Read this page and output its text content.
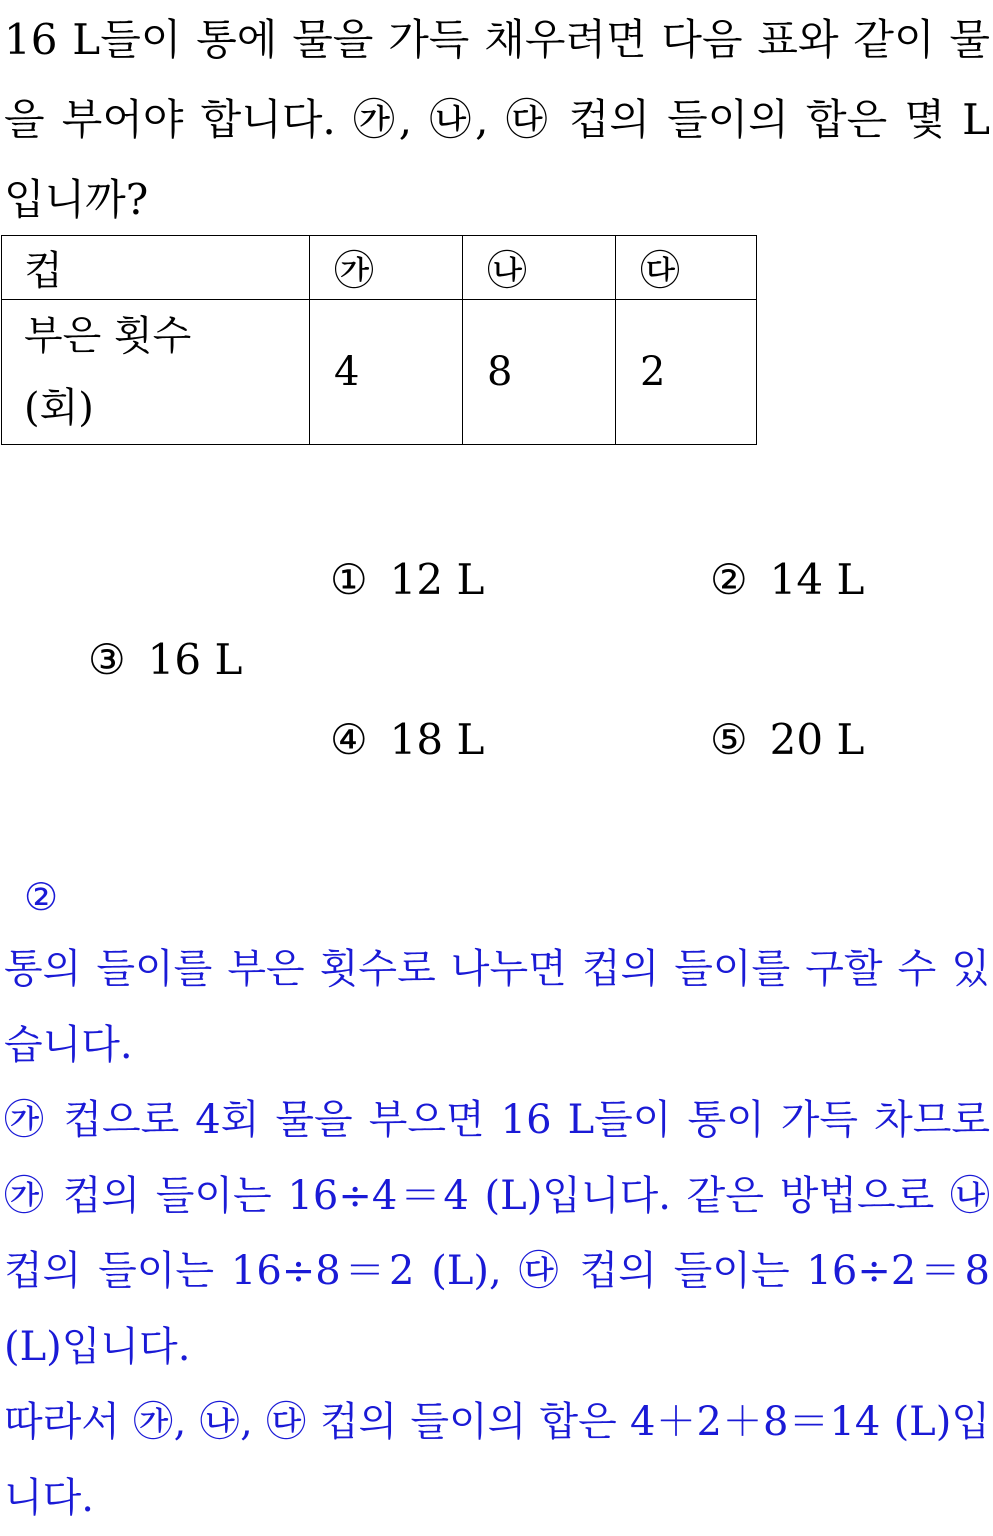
16 L들이 통에 물을 가득 채우려면 다음 표와 같이 물을 부어야 합니다. ㉮, ㉯, ㉰ 컵의 들이의 합은 몇 L 입니까?

컵	㉮	㉯	㉰
부은 횟수
(회)	4	8	2
① 12 L	② 14 L
③ 16 L
④ 18 L	⑤ 20 L
②

통의 들이를 부은 횟수로 나누면 컵의 들이를 구할 수 있습니다.

㉮ 컵으로 4회 물을 부으면 16 L들이 통이 가득 차므로 ㉮ 컵의 들이는 16÷4＝4 (L)입니다. 같은 방법으로 ㉯ 컵의 들이는 16÷8＝2 (L), ㉰ 컵의 들이는 16÷2＝8 (L)입니다.

따라서 ㉮, ㉯, ㉰ 컵의 들이의 합은 4＋2＋8＝14 (L)입니다.
